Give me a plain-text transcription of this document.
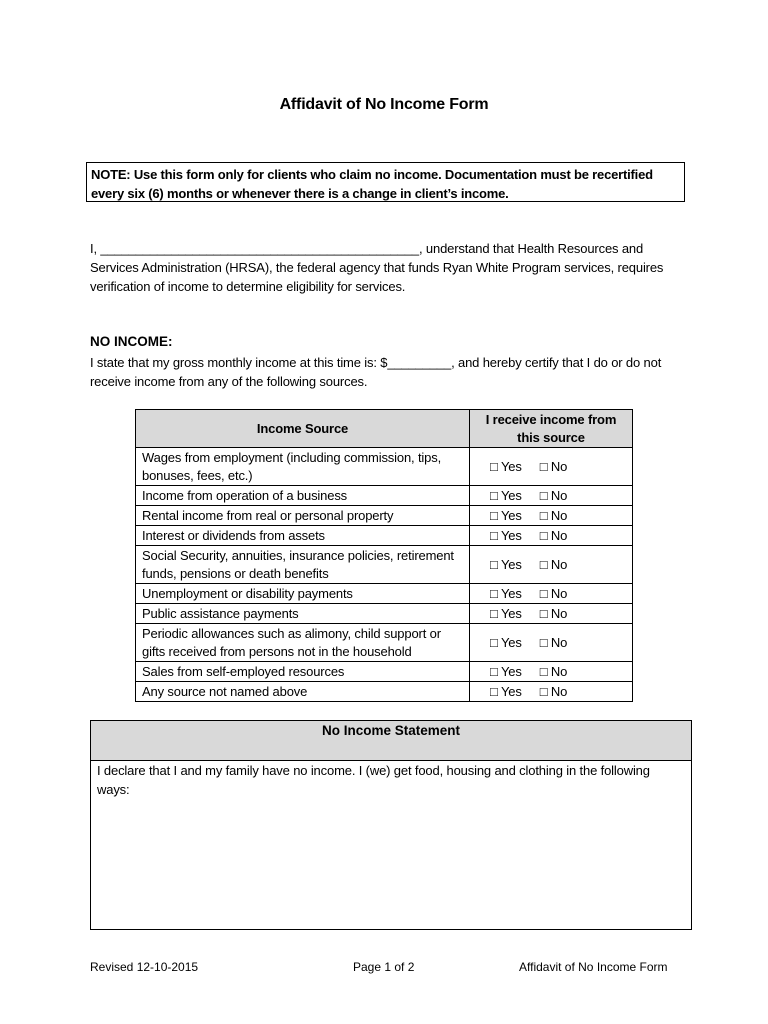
Affidavit of No Income Form
NOTE: Use this form only for clients who claim no income. Documentation must be recertified every six (6) months or whenever there is a change in client’s income.
I, _____________________________________________, understand that Health Resources and Services Administration (HRSA), the federal agency that funds Ryan White Program services, requires verification of income to determine eligibility for services.
NO INCOME:
I state that my gross monthly income at this time is: $_________, and hereby certify that I do or do not receive income from any of the following sources.
Income Source	I receive income from this source
Wages from employment (including commission, tips, bonuses, fees, etc.)	□ Yes □ No
Income from operation of a business	□ Yes □ No
Rental income from real or personal property	□ Yes □ No
Interest or dividends from assets	□ Yes □ No
Social Security, annuities, insurance policies, retirement funds, pensions or death benefits	□ Yes □ No
Unemployment or disability payments	□ Yes □ No
Public assistance payments	□ Yes □ No
Periodic allowances such as alimony, child support or gifts received from persons not in the household	□ Yes □ No
Sales from self-employed resources	□ Yes □ No
Any source not named above	□ Yes □ No
No Income Statement
I declare that I and my family have no income. I (we) get food, housing and clothing in the following ways:
Revised 12-10-2015	Page 1 of 2	Affidavit of No Income Form
